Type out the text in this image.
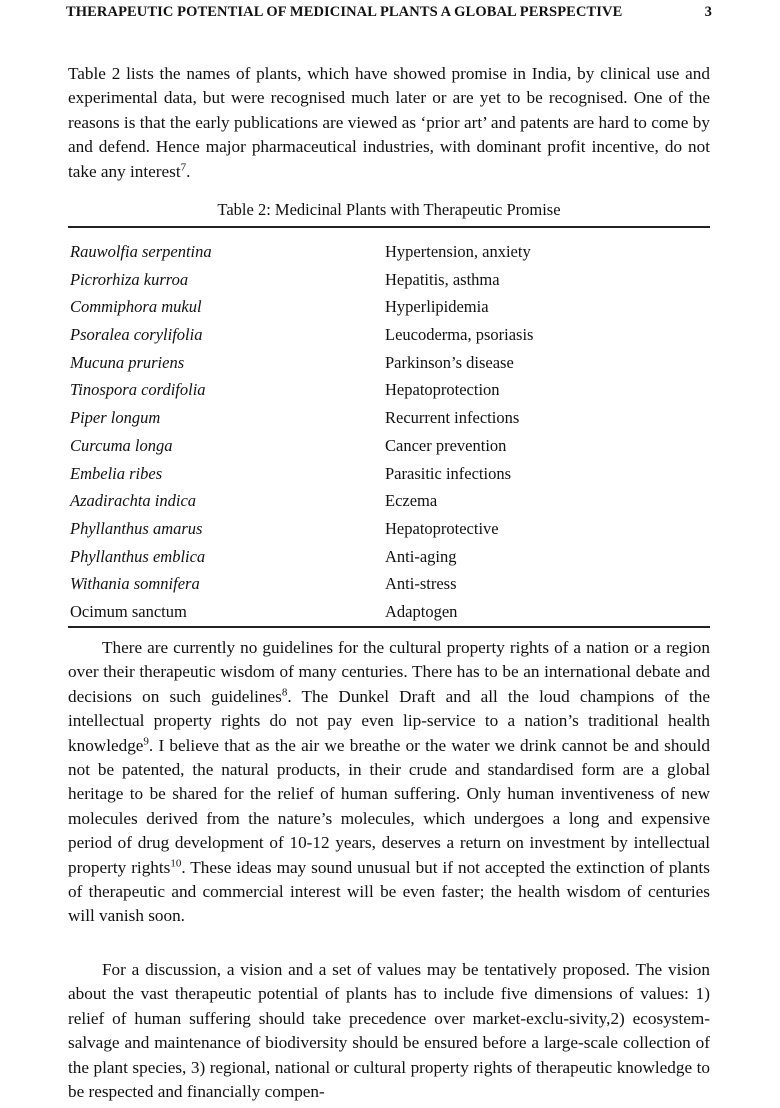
THERAPEUTIC POTENTIAL OF MEDICINAL PLANTS A GLOBAL PERSPECTIVE	3

Table 2 lists the names of plants, which have showed promise in India, by clinical use and experimental data, but were recognised much later or are yet to be recognised. One of the reasons is that the early publications are viewed as ‘prior art’ and patents are hard to come by and defend. Hence major pharmaceutical industries, with dominant profit incentive, do not take any interest$^7$.

Table 2: Medicinal Plants with Therapeutic Promise
Rauwolfia serpentina	Hypertension, anxiety
Picrorhiza kurroa	Hepatitis, asthma
Commiphora mukul	Hyperlipidemia
Psoralea corylifolia	Leucoderma, psoriasis
Mucuna pruriens	Parkinson’s disease
Tinospora cordifolia	Hepatoprotection
Piper longum	Recurrent infections
Curcuma longa	Cancer prevention
Embelia ribes	Parasitic infections
Azadirachta indica	Eczema
Phyllanthus amarus	Hepatoprotective
Phyllanthus emblica	Anti-aging
Withania somnifera	Anti-stress
Ocimum sanctum	Adaptogen

There are currently no guidelines for the cultural property rights of a nation or a region over their therapeutic wisdom of many centuries. There has to be an international debate and decisions on such guidelines$^8$. The Dunkel Draft and all the loud champions of the intellectual property rights do not pay even lip-service to a nation’s traditional health knowledge$^9$. I believe that as the air we breathe or the water we drink cannot be and should not be patented, the natural products, in their crude and standardised form are a global heritage to be shared for the relief of human suffering. Only human inventiveness of new molecules derived from the nature’s molecules, which undergoes a long and expensive period of drug development of 10-12 years, deserves a return on investment by intellectual property rights$^{10}$. These ideas may sound unusual but if not accepted the extinction of plants of therapeutic and commercial interest will be even faster; the health wisdom of centuries will vanish soon.

For a discussion, a vision and a set of values may be tentatively proposed. The vision about the vast therapeutic potential of plants has to include five dimensions of values: 1) relief of human suffering should take precedence over market-exclu-sivity,2) ecosystem-salvage and maintenance of biodiversity should be ensured before a large-scale collection of the plant species, 3) regional, national or cultural property rights of therapeutic knowledge to be respected and financially compen-
